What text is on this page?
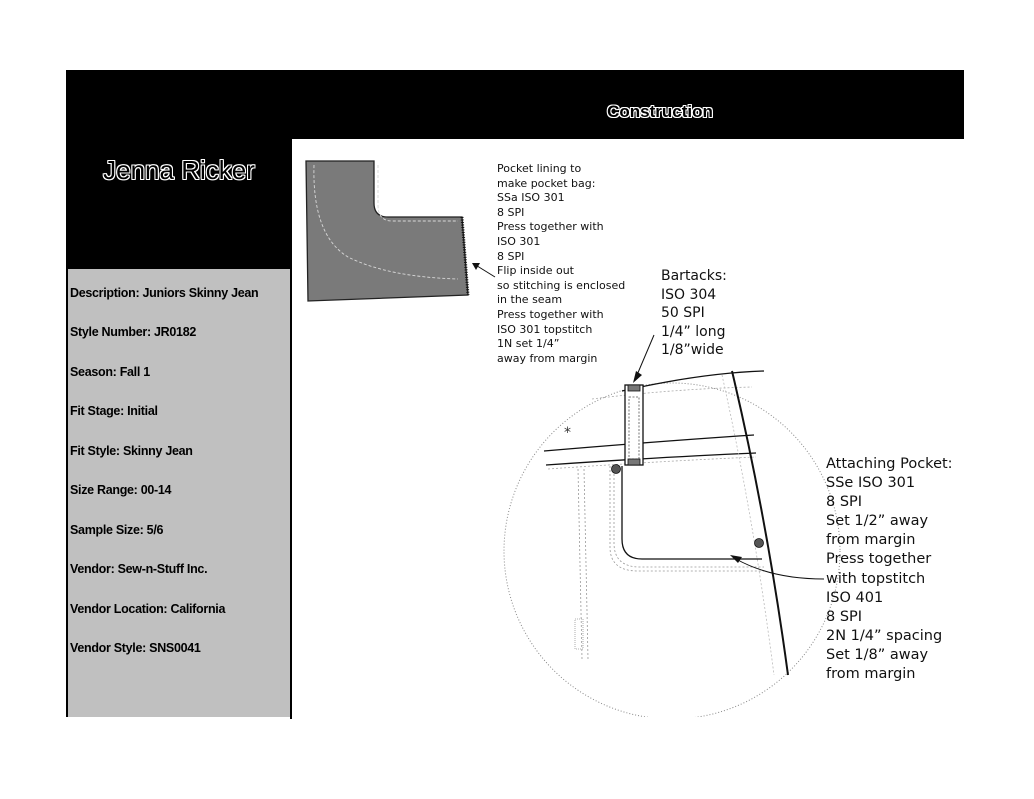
Construction
Jenna Ricker
Description: Juniors Skinny Jean
Style Number: JR0182
Season: Fall 1
Fit Stage: Initial
Fit Style: Skinny Jean
Size Range: 00-14
Sample Size: 5/6
Vendor: Sew-n-Stuff Inc.
Vendor Location: California
Vendor Style: SNS0041
*
Pocket lining to
make pocket bag:
SSa ISO 301
8 SPI
Press together with
ISO 301
8 SPI
Flip inside out
so stitching is enclosed
in the seam
Press together with
ISO 301 topstitch
1N set 1/4”
away from margin
Bartacks:
ISO 304
50 SPI
1/4” long
1/8”wide
Attaching Pocket:
SSe ISO 301
8 SPI
Set 1/2” away
from margin
Press together
with topstitch
ISO 401
8 SPI
2N 1/4” spacing
Set 1/8” away
from margin
